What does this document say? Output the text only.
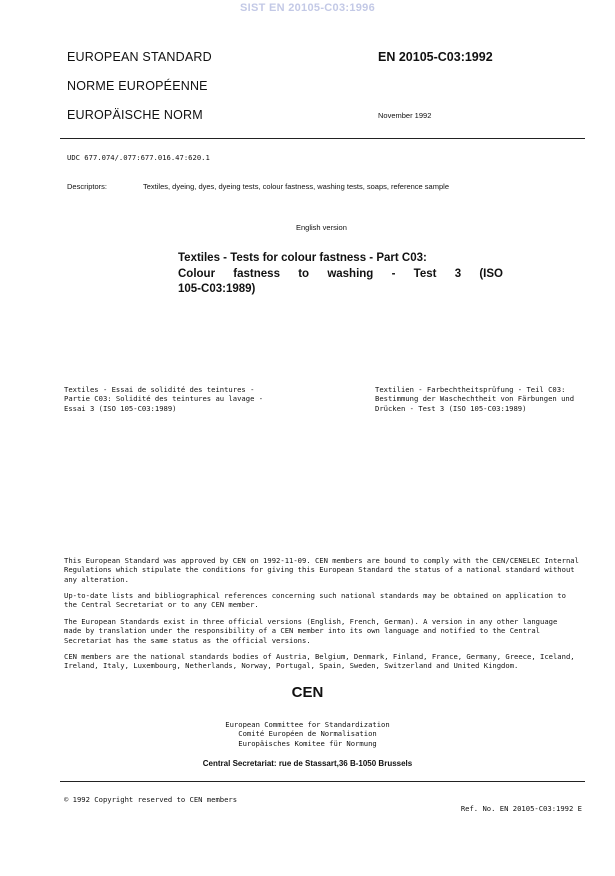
SIST EN 20105-C03:1996
EUROPEAN STANDARD
NORME EUROPÉENNE
EUROPÄISCHE NORM
EN 20105-C03:1992
November 1992
UDC 677.074/.077:677.016.47:620.1
Descriptors:	Textiles, dyeing, dyes, dyeing tests, colour fastness, washing tests, soaps, reference sample
English version
Textiles - Tests for colour fastness - Part C03:
Colour fastness to washing - Test 3 (ISO
105-C03:1989)
Textiles - Essai de solidité des teintures -
Partie C03: Solidité des teintures au lavage -
Essai 3 (ISO 105-C03:1989)
Textilien - Farbechtheitsprüfung - Teil C03:
Bestimmung der Waschechtheit von Färbungen und
Drücken - Test 3 (ISO 105-C03:1989)
This European Standard was approved by CEN on 1992-11-09. CEN members are bound to comply with the CEN/CENELEC Internal
Regulations which stipulate the conditions for giving this European Standard the status of a national standard without
any alteration.
Up-to-date lists and bibliographical references concerning such national standards may be obtained on application to
the Central Secretariat or to any CEN member.
The European Standards exist in three official versions (English, French, German). A version in any other language
made by translation under the responsibility of a CEN member into its own language and notified to the Central
Secretariat has the same status as the official versions.
CEN members are the national standards bodies of Austria, Belgium, Denmark, Finland, France, Germany, Greece, Iceland,
Ireland, Italy, Luxembourg, Netherlands, Norway, Portugal, Spain, Sweden, Switzerland and United Kingdom.
CEN
European Committee for Standardization
Comité Européen de Normalisation
Europäisches Komitee für Normung
Central Secretariat: rue de Stassart,36 B-1050 Brussels
© 1992 Copyright reserved to CEN members
Ref. No. EN 20105-C03:1992 E
